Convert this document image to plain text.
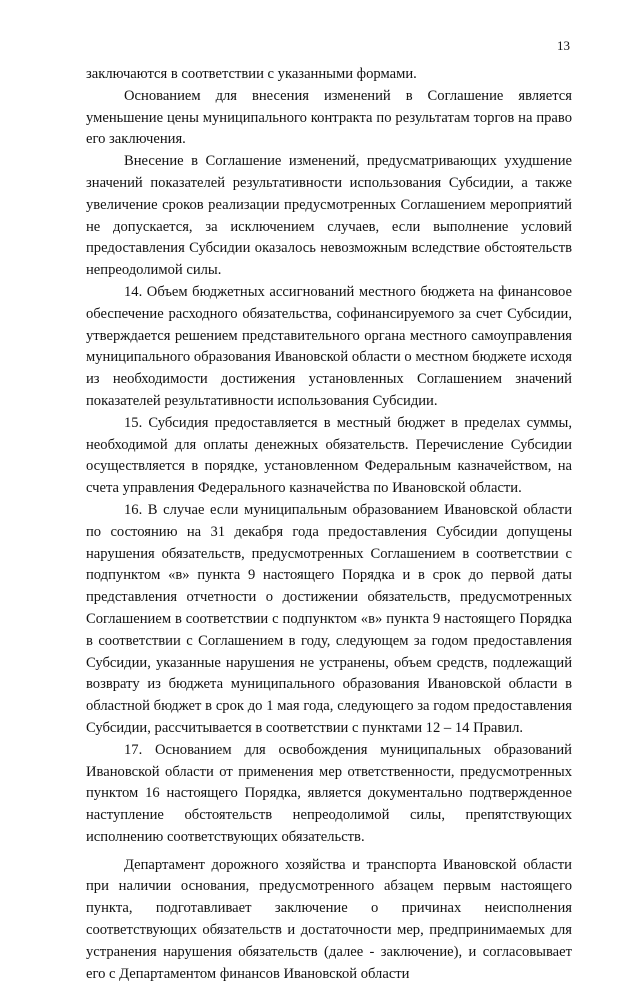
13

заключаются в соответствии с указанными формами.

Основанием для внесения изменений в Соглашение является уменьшение цены муниципального контракта по результатам торгов на право его заключения.

Внесение в Соглашение изменений, предусматривающих ухудшение значений показателей результативности использования Субсидии, а также увеличение сроков реализации предусмотренных Соглашением мероприятий не допускается, за исключением случаев, если выполнение условий предоставления Субсидии оказалось невозможным вследствие обстоятельств непреодолимой силы.

14. Объем бюджетных ассигнований местного бюджета на финансовое обеспечение расходного обязательства, софинансируемого за счет Субсидии, утверждается решением представительного органа местного самоуправления муниципального образования Ивановской области о местном бюджете исходя из необходимости достижения установленных Соглашением значений показателей результативности использования Субсидии.

15. Субсидия предоставляется в местный бюджет в пределах суммы, необходимой для оплаты денежных обязательств. Перечисление Субсидии осуществляется в порядке, установленном Федеральным казначейством, на счета управления Федерального казначейства по Ивановской области.

16. В случае если муниципальным образованием Ивановской области по состоянию на 31 декабря года предоставления Субсидии допущены нарушения обязательств, предусмотренных Соглашением в соответствии с подпунктом «в» пункта 9 настоящего Порядка и в срок до первой даты представления отчетности о достижении обязательств, предусмотренных Соглашением в соответствии с подпунктом «в» пункта 9 настоящего Порядка в соответствии с Соглашением в году, следующем за годом предоставления Субсидии, указанные нарушения не устранены, объем средств, подлежащий возврату из бюджета муниципального образования Ивановской области в областной бюджет в срок до 1 мая года, следующего за годом предоставления Субсидии, рассчитывается в соответствии с пунктами 12 – 14 Правил.

17. Основанием для освобождения муниципальных образований Ивановской области от применения мер ответственности, предусмотренных пунктом 16 настоящего Порядка, является документально подтвержденное наступление обстоятельств непреодолимой силы, препятствующих исполнению соответствующих обязательств.

Департамент дорожного хозяйства и транспорта Ивановской области при наличии основания, предусмотренного абзацем первым настоящего пункта, подготавливает заключение о причинах неисполнения соответствующих обязательств и достаточности мер, предпринимаемых для устранения нарушения обязательств (далее - заключение), и согласовывает его с Департаментом финансов Ивановской области
